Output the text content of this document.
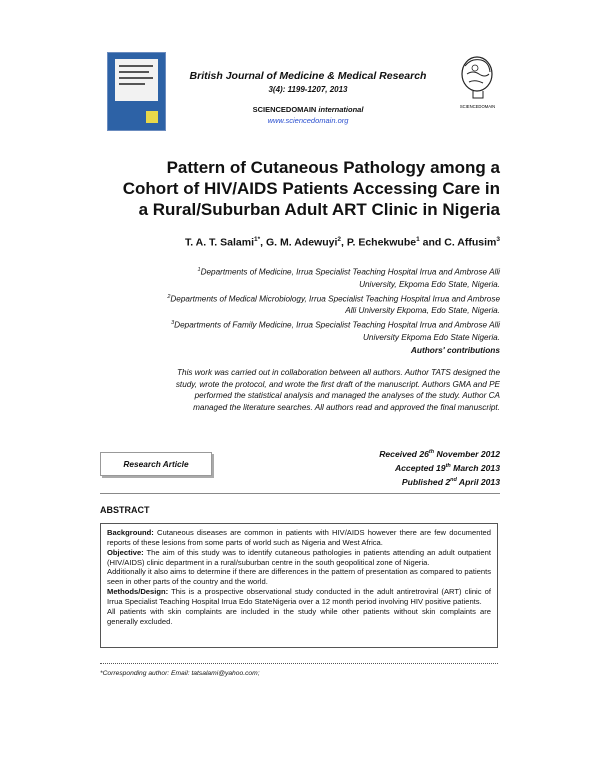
British Journal of Medicine & Medical Research
3(4): 1199-1207, 2013
SCIENCEDOMAIN international
www.sciencedomain.org
SCIENCEDOMAIN
Pattern of Cutaneous Pathology among a
Cohort of HIV/AIDS Patients Accessing Care in
a Rural/Suburban Adult ART Clinic in Nigeria
T. A. T. Salami$^{1*}$, G. M. Adewuyi$^2$, P. Echekwube$^1$ and C. Affusim$^3$
$^1$Departments of Medicine, Irrua Specialist Teaching Hospital Irrua and Ambrose Alli
University, Ekpoma Edo State, Nigeria.
$^2$Departments of Medical Microbiology, Irrua Specialist Teaching Hospital Irrua and Ambrose
Alli University Ekpoma, Edo State, Nigeria.
$^3$Departments of Family Medicine, Irrua Specialist Teaching Hospital Irrua and Ambrose Alli
University Ekpoma Edo State Nigeria.
Authors' contributions
This work was carried out in collaboration between all authors. Author TATS designed the
study, wrote the protocol, and wrote the first draft of the manuscript. Authors GMA and PE
performed the statistical analysis and managed the analyses of the study. Author CA
managed the literature searches. All authors read and approved the final manuscript.
Received 26th November 2012
Accepted 19th March 2013
Published 2nd April 2013
Research Article
ABSTRACT

Background: Cutaneous diseases are common in patients with HIV/AIDS however there are few documented reports of these lesions from some parts of world such as Nigeria and West Africa.

Objective: The aim of this study was to identify cutaneous pathologies in patients attending an adult outpatient (HIV/AIDS) clinic department in a rural/suburban centre in the south geopolitical zone of Nigeria.

Additionally it also aims to determine if there are differences in the pattern of presentation as compared to patients seen in other parts of the country and the world.

Methods/Design: This is a prospective observational study conducted in the adult antiretroviral (ART) clinic of Irrua Specialist Teaching Hospital Irrua Edo StateNigeria over a 12 month period involving HIV positive patients.

All patients with skin complaints are included in the study while other patients without skin complaints are generally excluded.

*Corresponding author: Email: tatsalami@yahoo.com;
